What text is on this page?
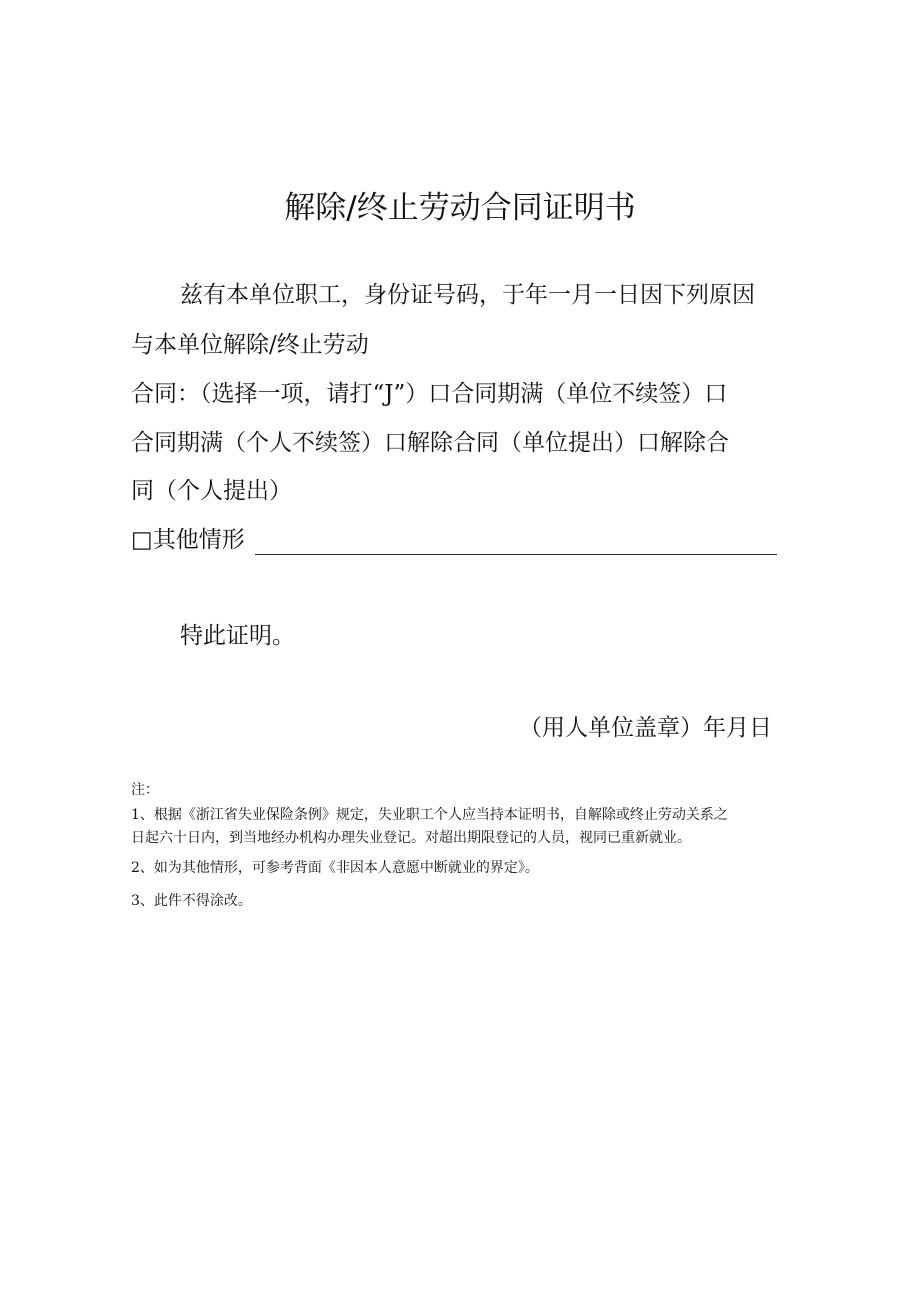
解除/终止劳动合同证明书
兹有本单位职工，身份证号码，于年一月一日因下列原因
与本单位解除/终止劳动
合同：（选择一项，请打“J”）口合同期满（单位不续签）口
合同期满（个人不续签）口解除合同（单位提出）口解除合
同（个人提出）
□其他情形
特此证明。
（用人单位盖章）年月日
注：
1、根据《浙江省失业保险条例》规定，失业职工个人应当持本证明书，自解除或终止劳动关系之
日起六十日内，到当地经办机构办理失业登记。对超出期限登记的人员，视同已重新就业。
2、如为其他情形，可参考背面《非因本人意愿中断就业的界定》。
3、此件不得涂改。
